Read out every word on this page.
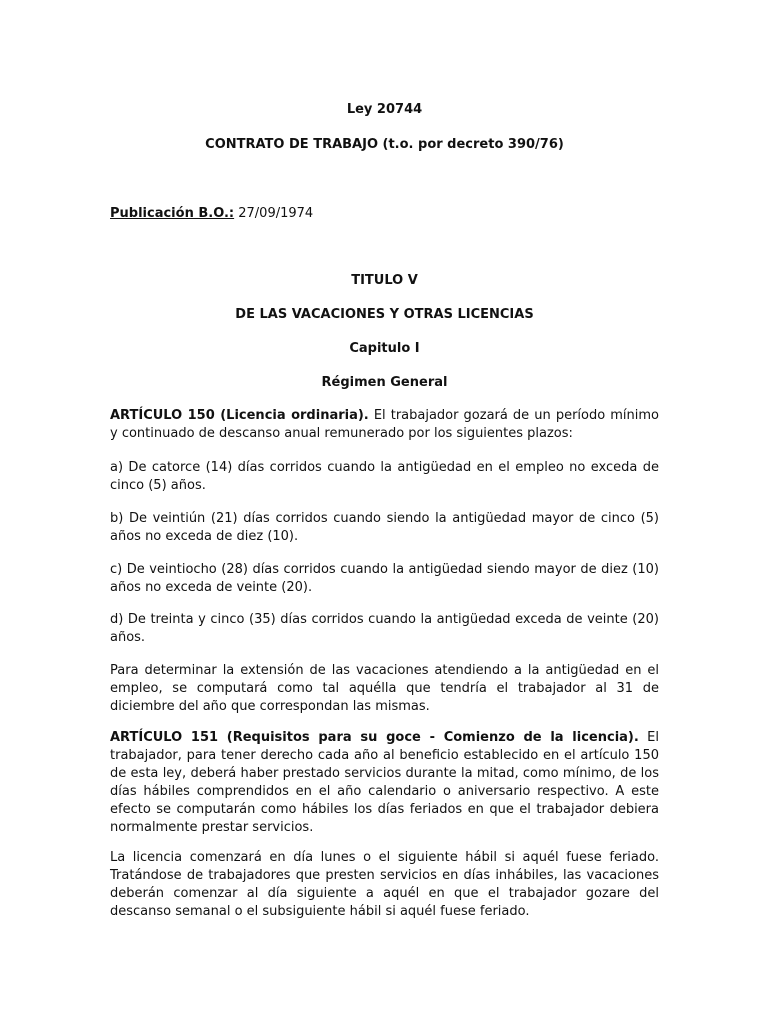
Ley 20744
CONTRATO DE TRABAJO (t.o. por decreto 390/76)
Publicación B.O.: 27/09/1974
TITULO V
DE LAS VACACIONES Y OTRAS LICENCIAS
Capitulo I
Régimen General
ARTÍCULO 150 (Licencia ordinaria). El trabajador gozará de un período mínimo y continuado de descanso anual remunerado por los siguientes plazos:
a) De catorce (14) días corridos cuando la antigüedad en el empleo no exceda de cinco (5) años.
b) De veintiún (21) días corridos cuando siendo la antigüedad mayor de cinco (5) años no exceda de diez (10).
c) De veintiocho (28) días corridos cuando la antigüedad siendo mayor de diez (10) años no exceda de veinte (20).
d) De treinta y cinco (35) días corridos cuando la antigüedad exceda de veinte (20) años.
Para determinar la extensión de las vacaciones atendiendo a la antigüedad en el empleo, se computará como tal aquélla que tendría el trabajador al 31 de diciembre del año que correspondan las mismas.
ARTÍCULO 151 (Requisitos para su goce - Comienzo de la licencia). El trabajador, para tener derecho cada año al beneficio establecido en el artículo 150 de esta ley, deberá haber prestado servicios durante la mitad, como mínimo, de los días hábiles comprendidos en el año calendario o aniversario respectivo. A este efecto se computarán como hábiles los días feriados en que el trabajador debiera normalmente prestar servicios.
La licencia comenzará en día lunes o el siguiente hábil si aquél fuese feriado. Tratándose de trabajadores que presten servicios en días inhábiles, las vacaciones deberán comenzar al día siguiente a aquél en que el trabajador gozare del descanso semanal o el subsiguiente hábil si aquél fuese feriado.
